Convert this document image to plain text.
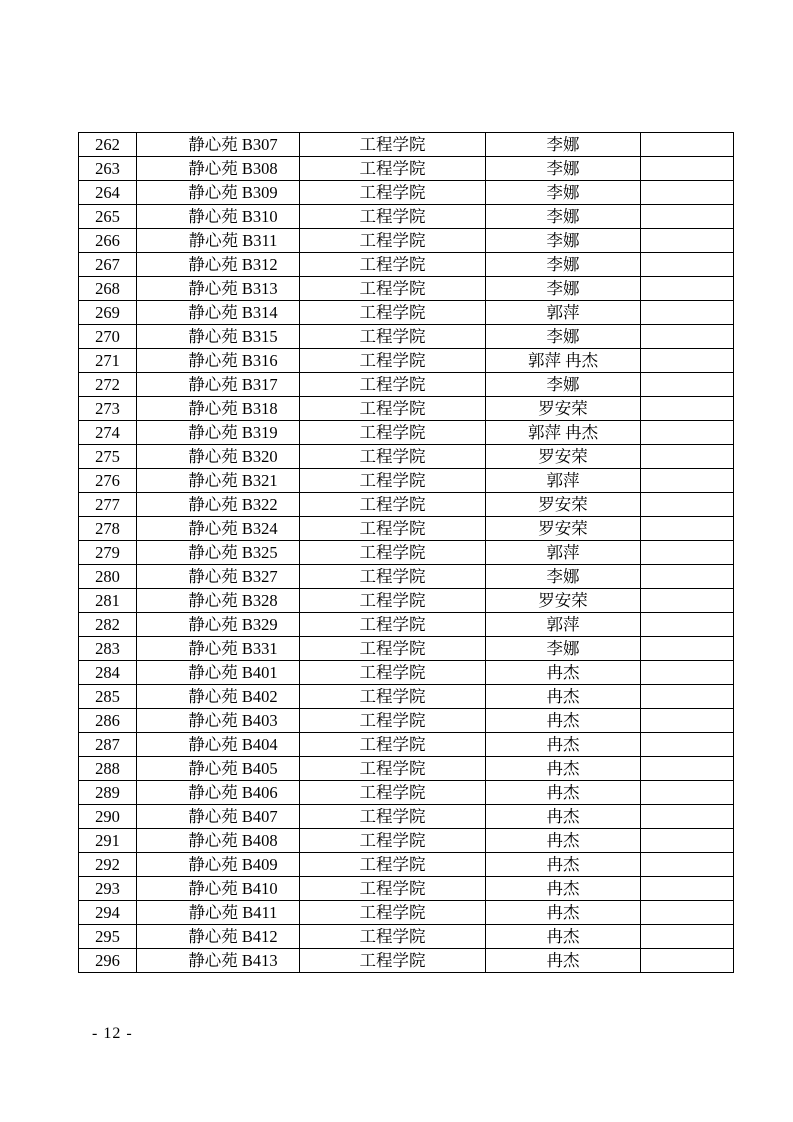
262	静心苑 B307	工程学院	李娜	
263	静心苑 B308	工程学院	李娜	
264	静心苑 B309	工程学院	李娜	
265	静心苑 B310	工程学院	李娜	
266	静心苑 B311	工程学院	李娜	
267	静心苑 B312	工程学院	李娜	
268	静心苑 B313	工程学院	李娜	
269	静心苑 B314	工程学院	郭萍	
270	静心苑 B315	工程学院	李娜	
271	静心苑 B316	工程学院	郭萍 冉杰	
272	静心苑 B317	工程学院	李娜	
273	静心苑 B318	工程学院	罗安荣	
274	静心苑 B319	工程学院	郭萍 冉杰	
275	静心苑 B320	工程学院	罗安荣	
276	静心苑 B321	工程学院	郭萍	
277	静心苑 B322	工程学院	罗安荣	
278	静心苑 B324	工程学院	罗安荣	
279	静心苑 B325	工程学院	郭萍	
280	静心苑 B327	工程学院	李娜	
281	静心苑 B328	工程学院	罗安荣	
282	静心苑 B329	工程学院	郭萍	
283	静心苑 B331	工程学院	李娜	
284	静心苑 B401	工程学院	冉杰	
285	静心苑 B402	工程学院	冉杰	
286	静心苑 B403	工程学院	冉杰	
287	静心苑 B404	工程学院	冉杰	
288	静心苑 B405	工程学院	冉杰	
289	静心苑 B406	工程学院	冉杰	
290	静心苑 B407	工程学院	冉杰	
291	静心苑 B408	工程学院	冉杰	
292	静心苑 B409	工程学院	冉杰	
293	静心苑 B410	工程学院	冉杰	
294	静心苑 B411	工程学院	冉杰	
295	静心苑 B412	工程学院	冉杰	
296	静心苑 B413	工程学院	冉杰	
- 12 -
